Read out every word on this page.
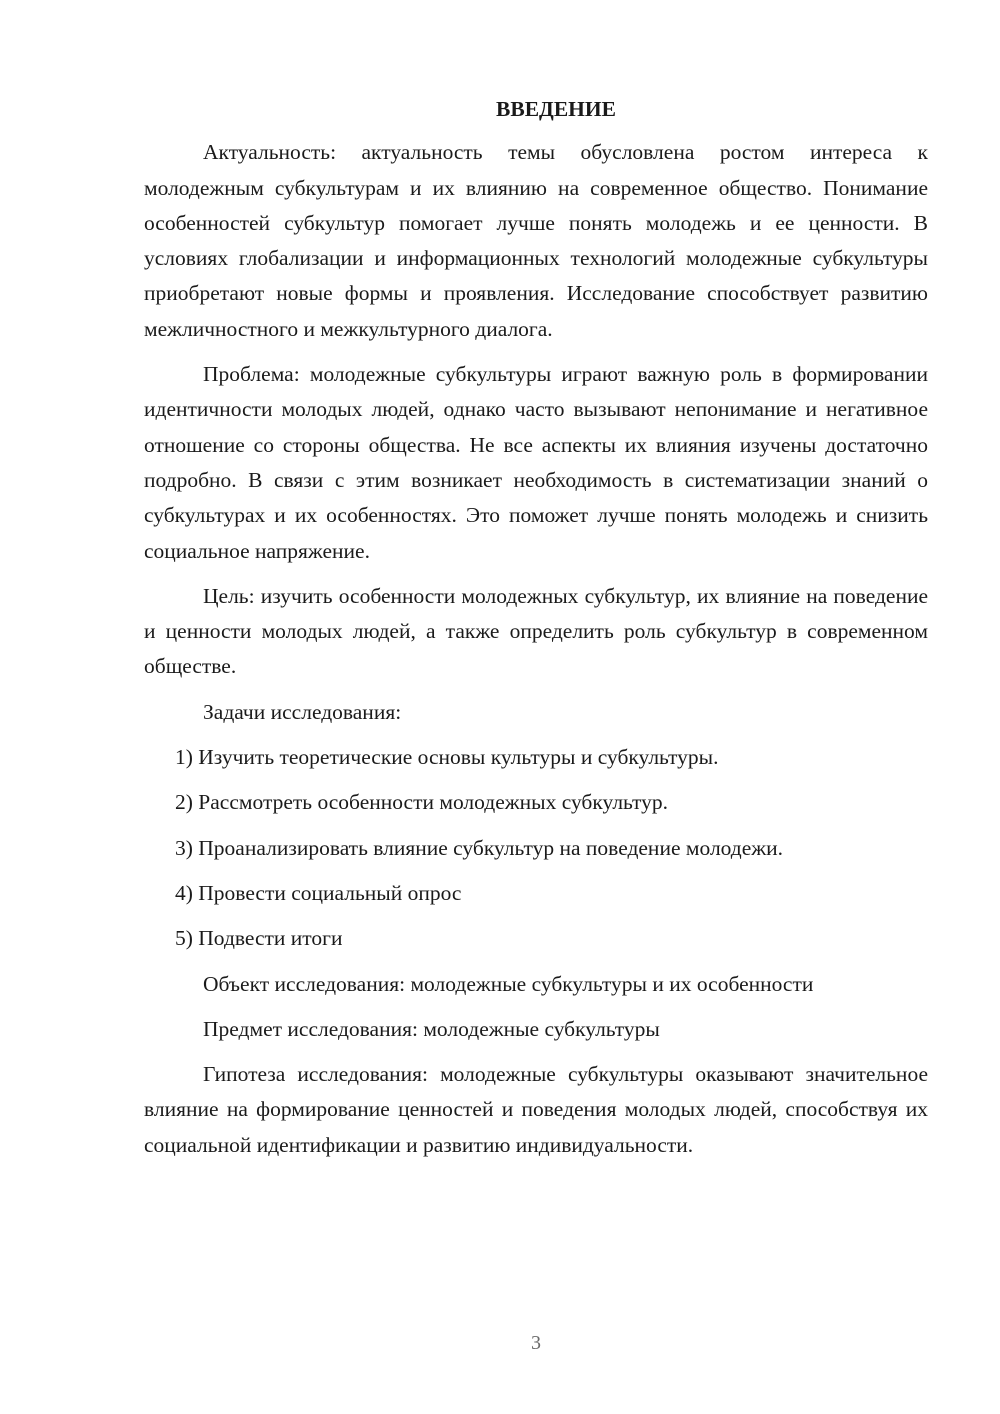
ВВЕДЕНИЕ

Актуальность: актуальность темы обусловлена ростом интереса к молодежным субкультурам и их влиянию на современное общество. Понимание особенностей субкультур помогает лучше понять молодежь и ее ценности. В условиях глобализации и информационных технологий молодежные субкультуры приобретают новые формы и проявления. Исследование способствует развитию межличностного и межкультурного диалога.

Проблема: молодежные субкультуры играют важную роль в формировании идентичности молодых людей, однако часто вызывают непонимание и негативное отношение со стороны общества. Не все аспекты их влияния изучены достаточно подробно. В связи с этим возникает необходимость в систематизации знаний о субкультурах и их особенностях. Это поможет лучше понять молодежь и снизить социальное напряжение.

Цель: изучить особенности молодежных субкультур, их влияние на поведение и ценности молодых людей, а также определить роль субкультур в современном обществе.

Задачи исследования:

1) Изучить теоретические основы культуры и субкультуры.
2) Рассмотреть особенности молодежных субкультур.
3) Проанализировать влияние субкультур на поведение молодежи.
4) Провести социальный опрос
5) Подвести итоги

Объект исследования: молодежные субкультуры и их особенности

Предмет исследования: молодежные субкультуры

Гипотеза исследования: молодежные субкультуры оказывают значительное влияние на формирование ценностей и поведения молодых людей, способствуя их социальной идентификации и развитию индивидуальности.

3
